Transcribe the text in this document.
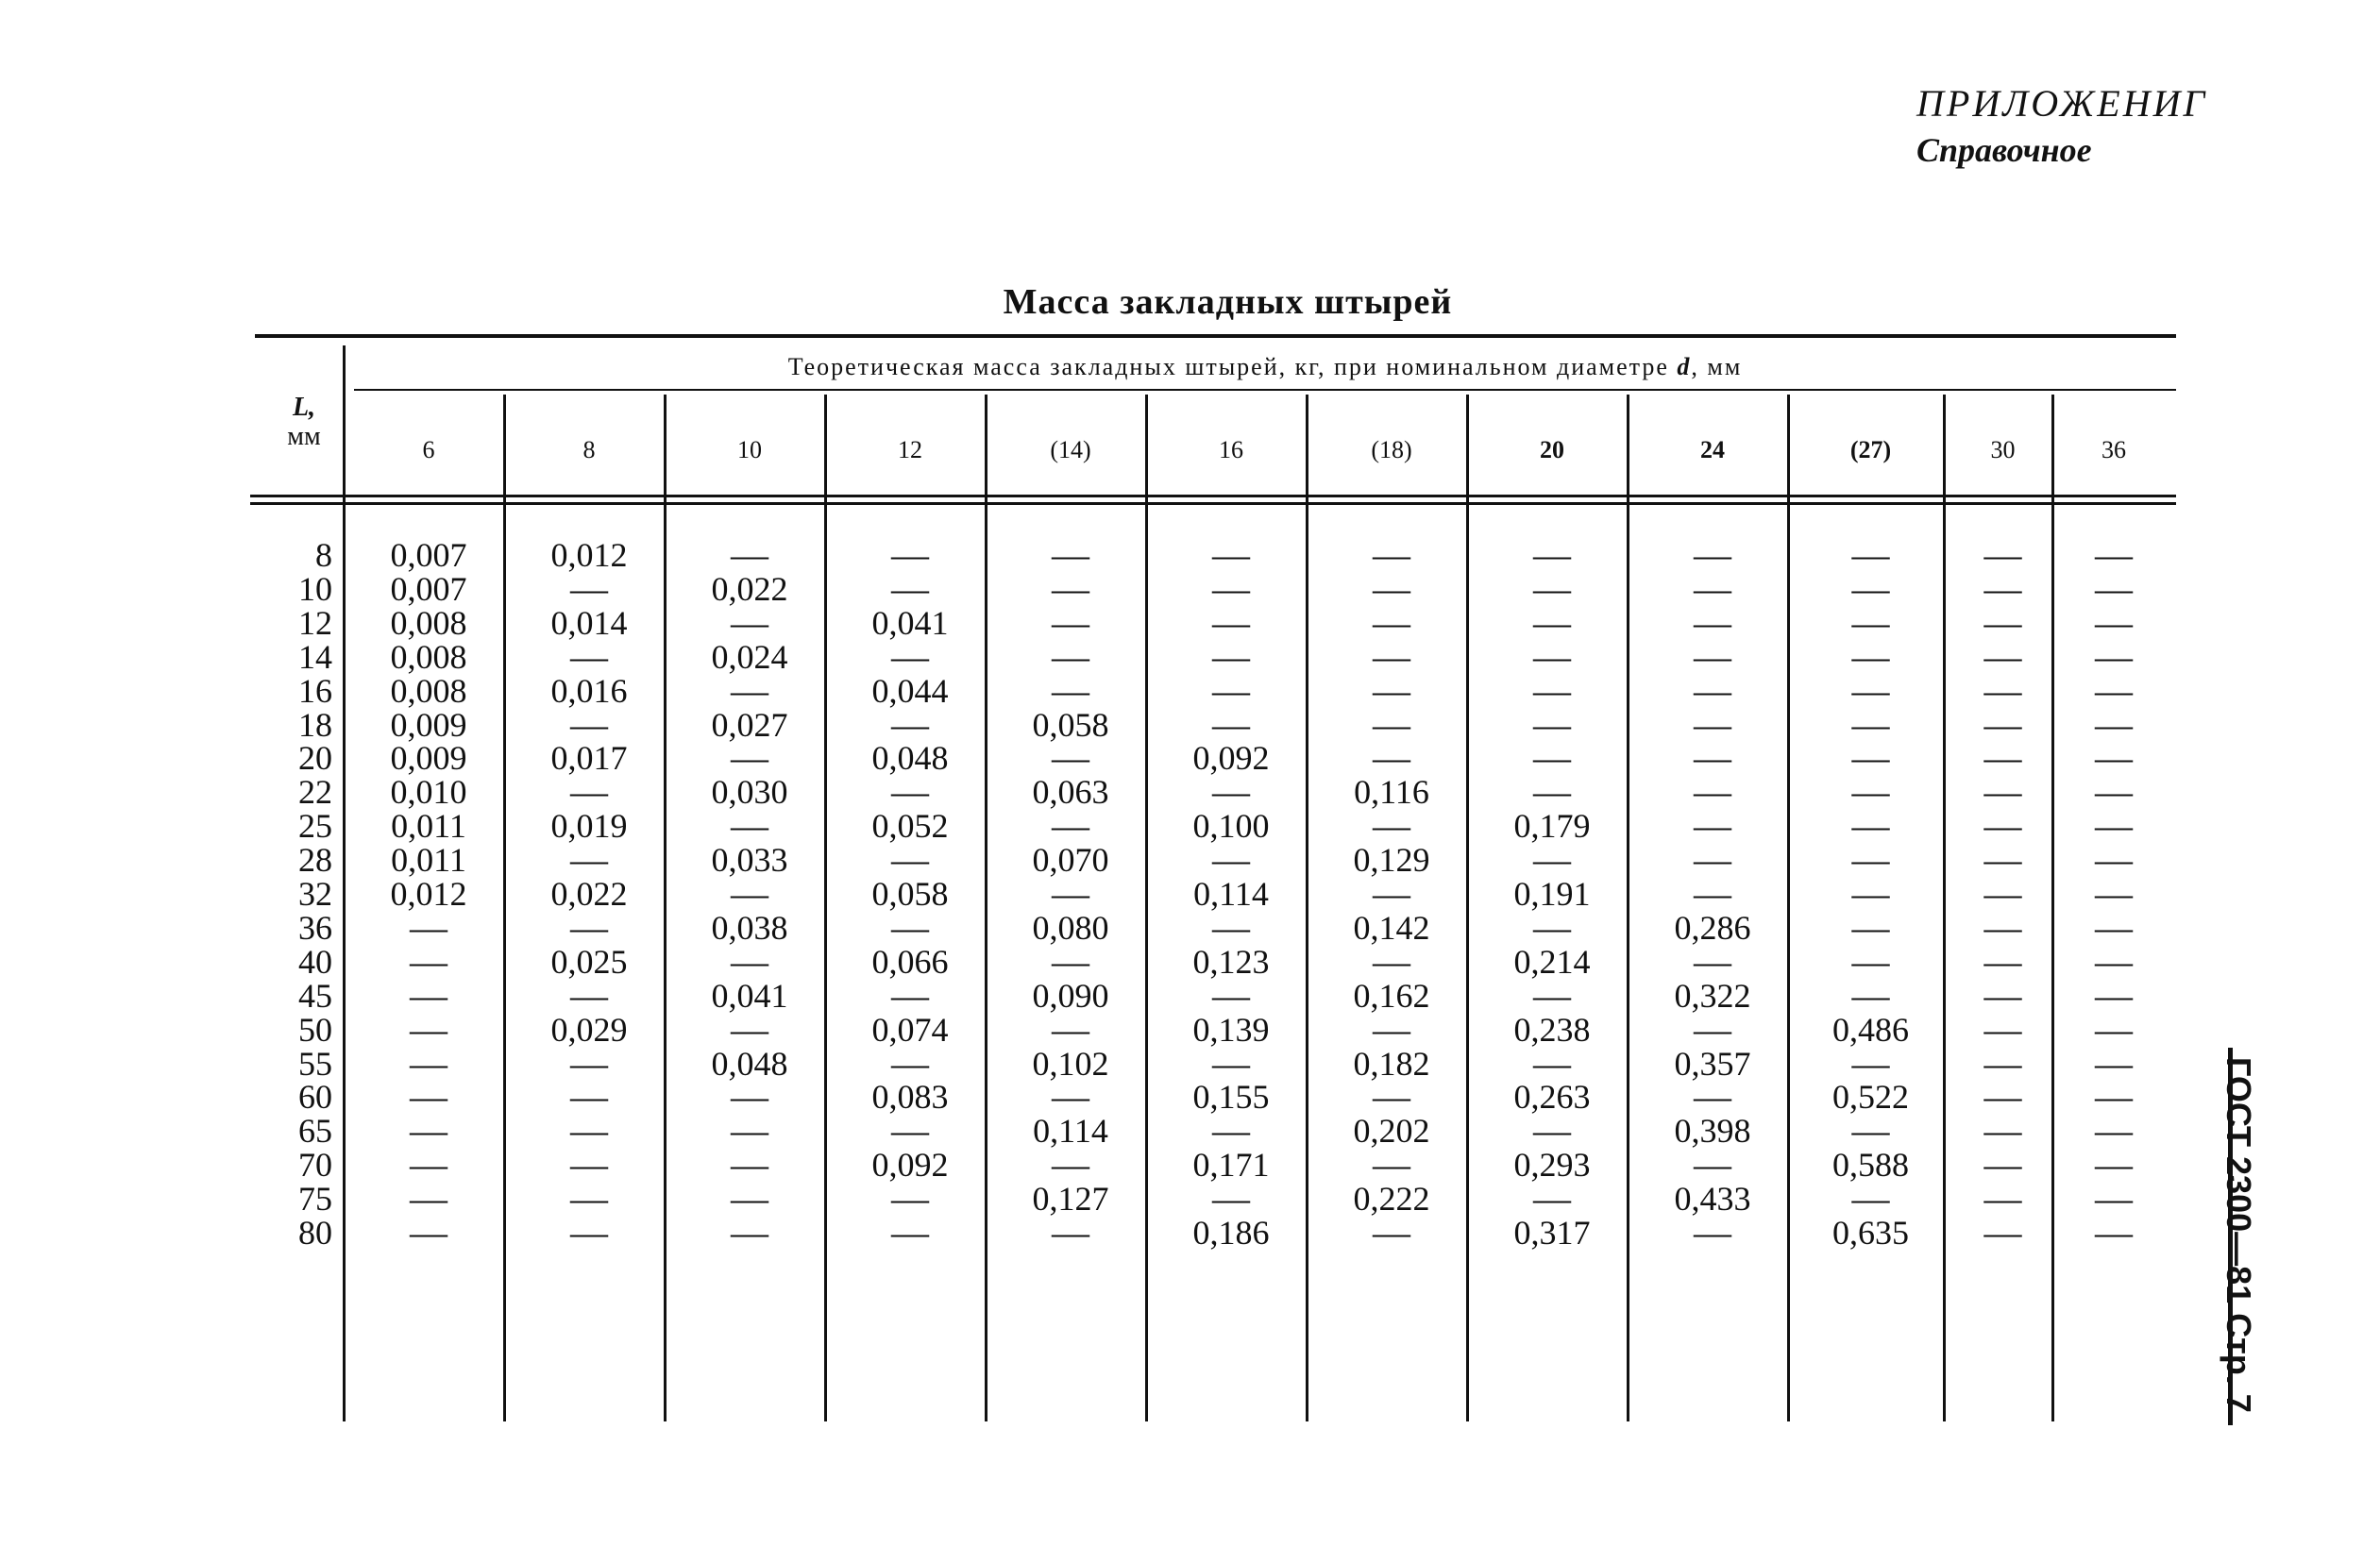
ПРИЛОЖЕНИГ
Справочное
Масса закладных штырей
L,
мм
Теоретическая масса закладных штырей, кг, при номинальном диаметре d, мм
6	8	10	12	(14)	16	(18)	20	24	(27)	30	36
8	0,007	0,012	—	—	—	—	—	—	—	—	—	—
10	0,007	—	0,022	—	—	—	—	—	—	—	—	—
12	0,008	0,014	—	0,041	—	—	—	—	—	—	—	—
14	0,008	—	0,024	—	—	—	—	—	—	—	—	—
16	0,008	0,016	—	0,044	—	—	—	—	—	—	—	—
18	0,009	—	0,027	—	0,058	—	—	—	—	—	—	—
20	0,009	0,017	—	0,048	—	0,092	—	—	—	—	—	—
22	0,010	—	0,030	—	0,063	—	0,116	—	—	—	—	—
25	0,011	0,019	—	0,052	—	0,100	—	0,179	—	—	—	—
28	0,011	—	0,033	—	0,070	—	0,129	—	—	—	—	—
32	0,012	0,022	—	0,058	—	0,114	—	0,191	—	—	—	—
36	—	—	0,038	—	0,080	—	0,142	—	0,286	—	—	—
40	—	0,025	—	0,066	—	0,123	—	0,214	—	—	—	—
45	—	—	0,041	—	0,090	—	0,162	—	0,322	—	—	—
50	—	0,029	—	0,074	—	0,139	—	0,238	—	0,486	—	—
55	—	—	0,048	—	0,102	—	0,182	—	0,357	—	—	—
60	—	—	—	0,083	—	0,155	—	0,263	—	0,522	—	—
65	—	—	—	—	0,114	—	0,202	—	0,398	—	—	—
70	—	—	—	0,092	—	0,171	—	0,293	—	0,588	—	—
75	—	—	—	—	0,127	—	0,222	—	0,433	—	—	—
80	—	—	—	—	—	0,186	—	0,317	—	0,635	—	—	ГОСТ 2300—81 Стр. 7
